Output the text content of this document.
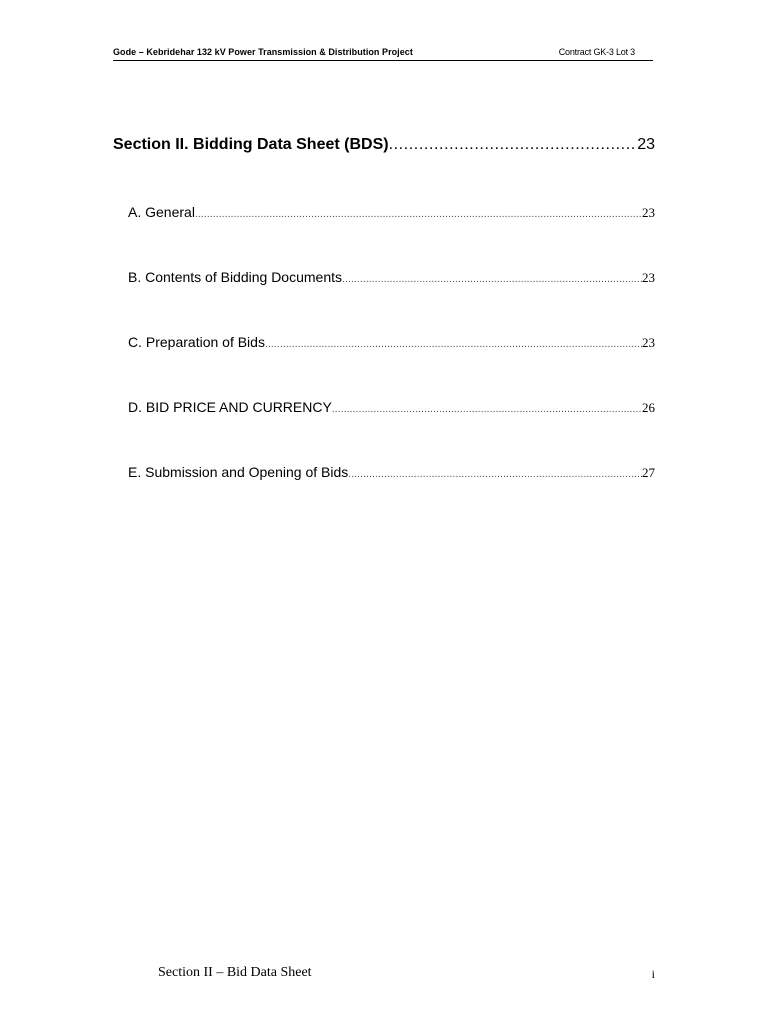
Gode – Kebridehar 132 kV Power Transmission & Distribution Project	Contract GK-3 Lot 3
Section II. Bidding Data Sheet (BDS) .....	23
A. General .....	23
B. Contents of Bidding Documents .....	23
C. Preparation of Bids .....	23
D. BID PRICE AND CURRENCY .....	26
E. Submission and Opening of Bids .....	27
Section II – Bid Data Sheet	i
